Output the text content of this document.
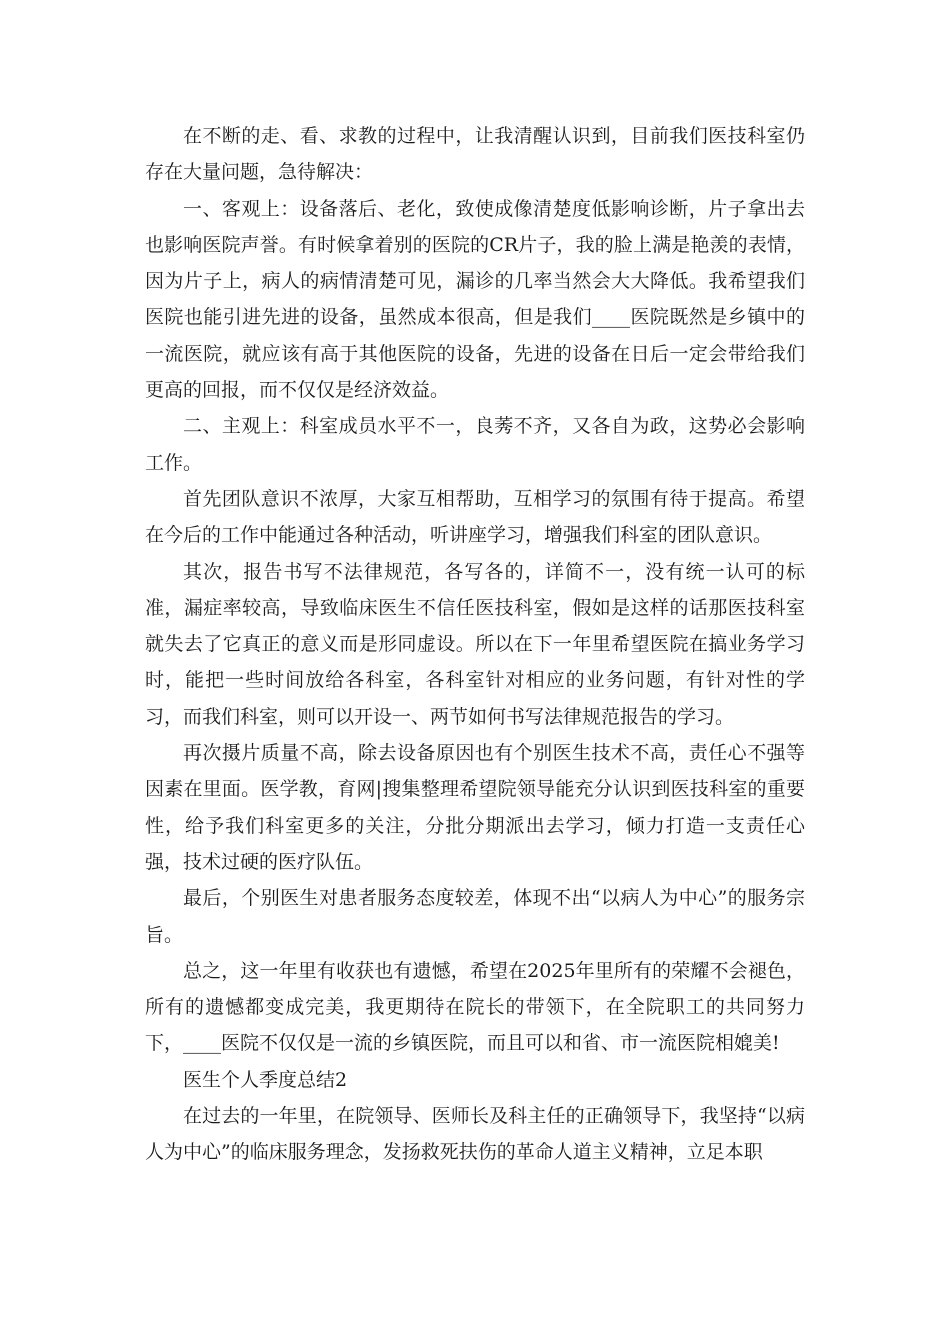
在不断的走、看、求教的过程中，让我清醒认识到，目前我们医技科室仍存在大量问题，急待解决：

一、客观上：设备落后、老化，致使成像清楚度低影响诊断，片子拿出去也影响医院声誉。有时候拿着别的医院的CR片子，我的脸上满是艳羡的表情，因为片子上，病人的病情清楚可见，漏诊的几率当然会大大降低。我希望我们医院也能引进先进的设备，虽然成本很高，但是我们____医院既然是乡镇中的一流医院，就应该有高于其他医院的设备，先进的设备在日后一定会带给我们更高的回报，而不仅仅是经济效益。

二、主观上：科室成员水平不一，良莠不齐，又各自为政，这势必会影响工作。

首先团队意识不浓厚，大家互相帮助，互相学习的氛围有待于提高。希望在今后的工作中能通过各种活动，听讲座学习，增强我们科室的团队意识。

其次，报告书写不法律规范，各写各的，详简不一，没有统一认可的标准，漏症率较高，导致临床医生不信任医技科室，假如是这样的话那医技科室就失去了它真正的意义而是形同虚设。所以在下一年里希望医院在搞业务学习时，能把一些时间放给各科室，各科室针对相应的业务问题，有针对性的学习，而我们科室，则可以开设一、两节如何书写法律规范报告的学习。

再次摄片质量不高，除去设备原因也有个别医生技术不高，责任心不强等因素在里面。医学教，育网|搜集整理希望院领导能充分认识到医技科室的重要性，给予我们科室更多的关注，分批分期派出去学习，倾力打造一支责任心强，技术过硬的医疗队伍。

最后，个别医生对患者服务态度较差，体现不出“以病人为中心”的服务宗旨。

总之，这一年里有收获也有遗憾，希望在2025年里所有的荣耀不会褪色，所有的遗憾都变成完美，我更期待在院长的带领下，在全院职工的共同努力下，____医院不仅仅是一流的乡镇医院，而且可以和省、市一流医院相媲美!

医生个人季度总结2

在过去的一年里，在院领导、医师长及科主任的正确领导下，我坚持“以病人为中心”的临床服务理念，发扬救死扶伤的革命人道主义精神，立足本职
